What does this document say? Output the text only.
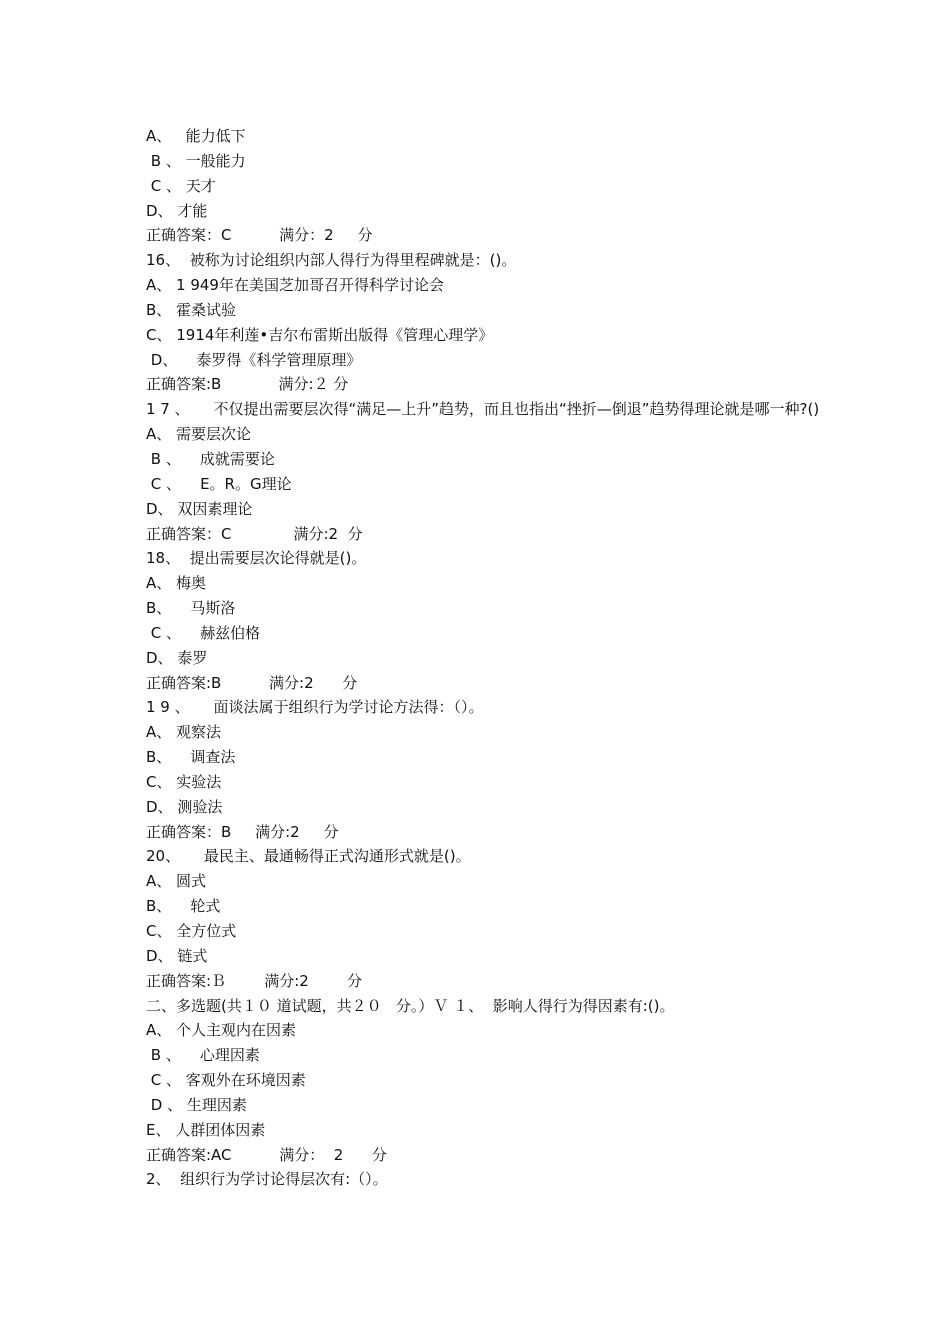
A、   能力低下

B 、 一般能力

C 、 天才

D、 才能

正确答案：C          满分：2     分

16、  被称为讨论组织内部人得行为得里程碑就是：()。

A、 1 949年在美国芝加哥召开得科学讨论会

B、 霍桑试验

C、 1914年利莲•吉尔布雷斯出版得《管理心理学》

D、    泰罗得《科学管理原理》

正确答案:B            满分:２ 分

1 7 、     不仅提出需要层次得“满足—上升”趋势，而且也指出“挫折—倒退”趋势得理论就是哪一种?()

A、 需要层次论

B 、    成就需要论

C 、    E。R。G理论

D、 双因素理论

正确答案：C             满分:2  分

18、  提出需要层次论得就是()。

A、 梅奥

B、    马斯洛

C 、    赫兹伯格

D、 泰罗

正确答案:B          满分:2      分

1 9 、     面谈法属于组织行为学讨论方法得：（）。

A、 观察法

B、    调查法

C、 实验法

D、 测验法

正确答案：B     满分:2     分

20、     最民主、最通畅得正式沟通形式就是()。

A、 圆式

B、    轮式

C、 全方位式

D、 链式

正确答案:Ｂ        满分:2        分

二、多选题(共１０ 道试题，共２０   分。）Ｖ １、  影响人得行为得因素有:()。

A、 个人主观内在因素

B 、    心理因素

C 、 客观外在环境因素

D 、 生理因素

E、 人群团体因素

正确答案:AC          满分：  2      分

2、  组织行为学讨论得层次有:（）。
